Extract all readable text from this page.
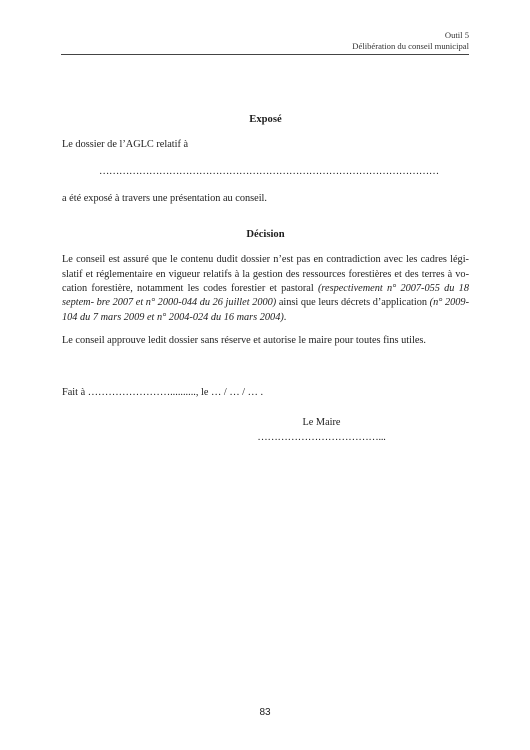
Outil 5
Délibération du conseil municipal
Exposé

Le dossier de l’AGLC relatif à

…………………………………………………………………………………………

a été exposé à travers une présentation au conseil.

Décision

Le conseil est assuré que le contenu dudit dossier n’est pas en contradiction avec les cadres légi- slatif et réglementaire en vigueur relatifs à la gestion des ressources forestières et des terres à vo- cation forestière, notamment les codes forestier et pastoral (respectivement n° 2007-055 du 18 septem- bre 2007 et n° 2000-044 du 26 juillet 2000) ainsi que leurs décrets d’application (n° 2009-104 du 7 mars 2009 et n° 2004-024 du 16 mars 2004).

Le conseil approuve ledit dossier sans réserve et autorise le maire pour toutes fins utiles.

Fait à …………………….........., le … / … / … .
Le Maire
………………………………...
83
